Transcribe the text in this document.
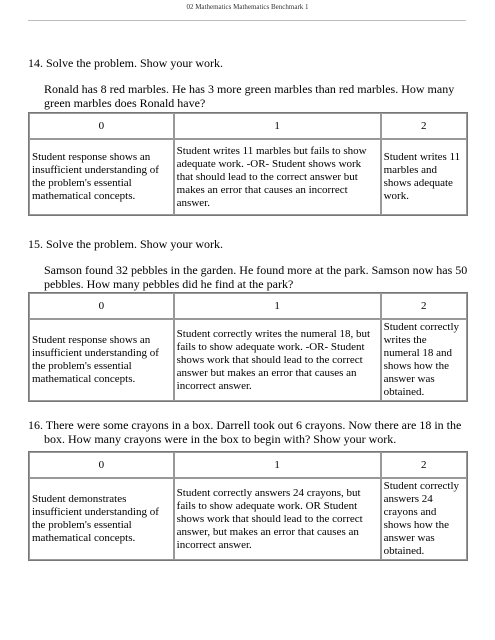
02 Mathematics Mathematics Benchmark 1
14. Solve the problem. Show your work.
Ronald has 8 red marbles. He has 3 more green marbles than red marbles. How many green marbles does Ronald have?
0	1	2
Student response shows an insufficient understanding of the problem's essential mathematical concepts.	Student writes 11 marbles but fails to show adequate work. -OR- Student shows work that should lead to the correct answer but makes an error that causes an incorrect answer.	Student writes 11 marbles and shows adequate work.
15. Solve the problem. Show your work.
Samson found 32 pebbles in the garden. He found more at the park. Samson now has 50 pebbles. How many pebbles did he find at the park?
0	1	2
Student response shows an insufficient understanding of the problem's essential mathematical concepts.	Student correctly writes the numeral 18, but fails to show adequate work. -OR- Student shows work that should lead to the correct answer but makes an error that causes an incorrect answer.	Student correctly writes the numeral 18 and shows how the answer was obtained.
16. There were some crayons in a box. Darrell took out 6 crayons. Now there are 18 in the box. How many crayons were in the box to begin with? Show your work.
0	1	2
Student demonstrates insufficient understanding of the problem's essential mathematical concepts.	Student correctly answers 24 crayons, but fails to show adequate work. OR Student shows work that should lead to the correct answer, but makes an error that causes an incorrect answer.	Student correctly answers 24 crayons and shows how the answer was obtained.
